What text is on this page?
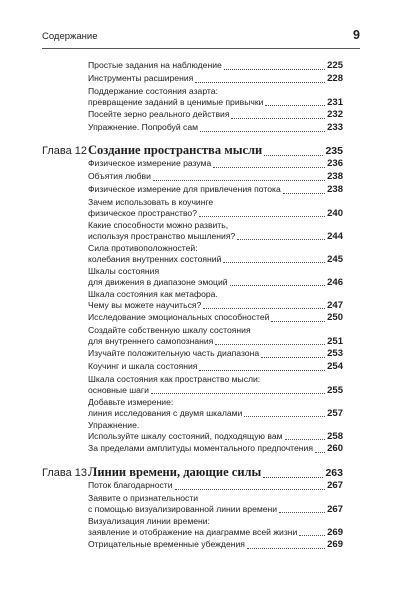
Содержание	9
Простые задания на наблюдение	225
Инструменты расширения	228
Поддержание состояния азарта:
превращение заданий в ценимые привычки	231
Посейте зерно реального действия	232
Упражнение. Попробуй сам	233
Глава 12 Создание пространства мысли	235
Физическое измерение разума	236
Объятия любви	238
Физическое измерение для привлечения потока	238
Зачем использовать в коучинге
физическое пространство?	240
Какие способности можно развить,
используя пространство мышления?	244
Сила противоположностей:
колебания внутренних состояний	245
Шкалы состояния
для движения в диапазоне эмоций	246
Шкала состояния как метафора.
Чему вы можете научиться?	247
Исследование эмоциональных способностей	250
Создайте собственную шкалу состояния
для внутреннего самопознания	251
Изучайте положительную часть диапазона	253
Коучинг и шкала состояния	254
Шкала состояния как пространство мысли:
основные шаги	255
Добавьте измерение:
линия исследования с двумя шкалами	257
Упражнение.
Используйте шкалу состояний, подходящую вам	258
За пределами амплитуды моментального предпочтения 260
Глава 13 Линии времени, дающие силы	263
Поток благодарности	267
Заявите о признательности
с помощью визуализированной линии времени	267
Визуализация линии времени:
заявление и отображение на диаграмме всей жизни	269
Отрицательные временные убеждения	269
